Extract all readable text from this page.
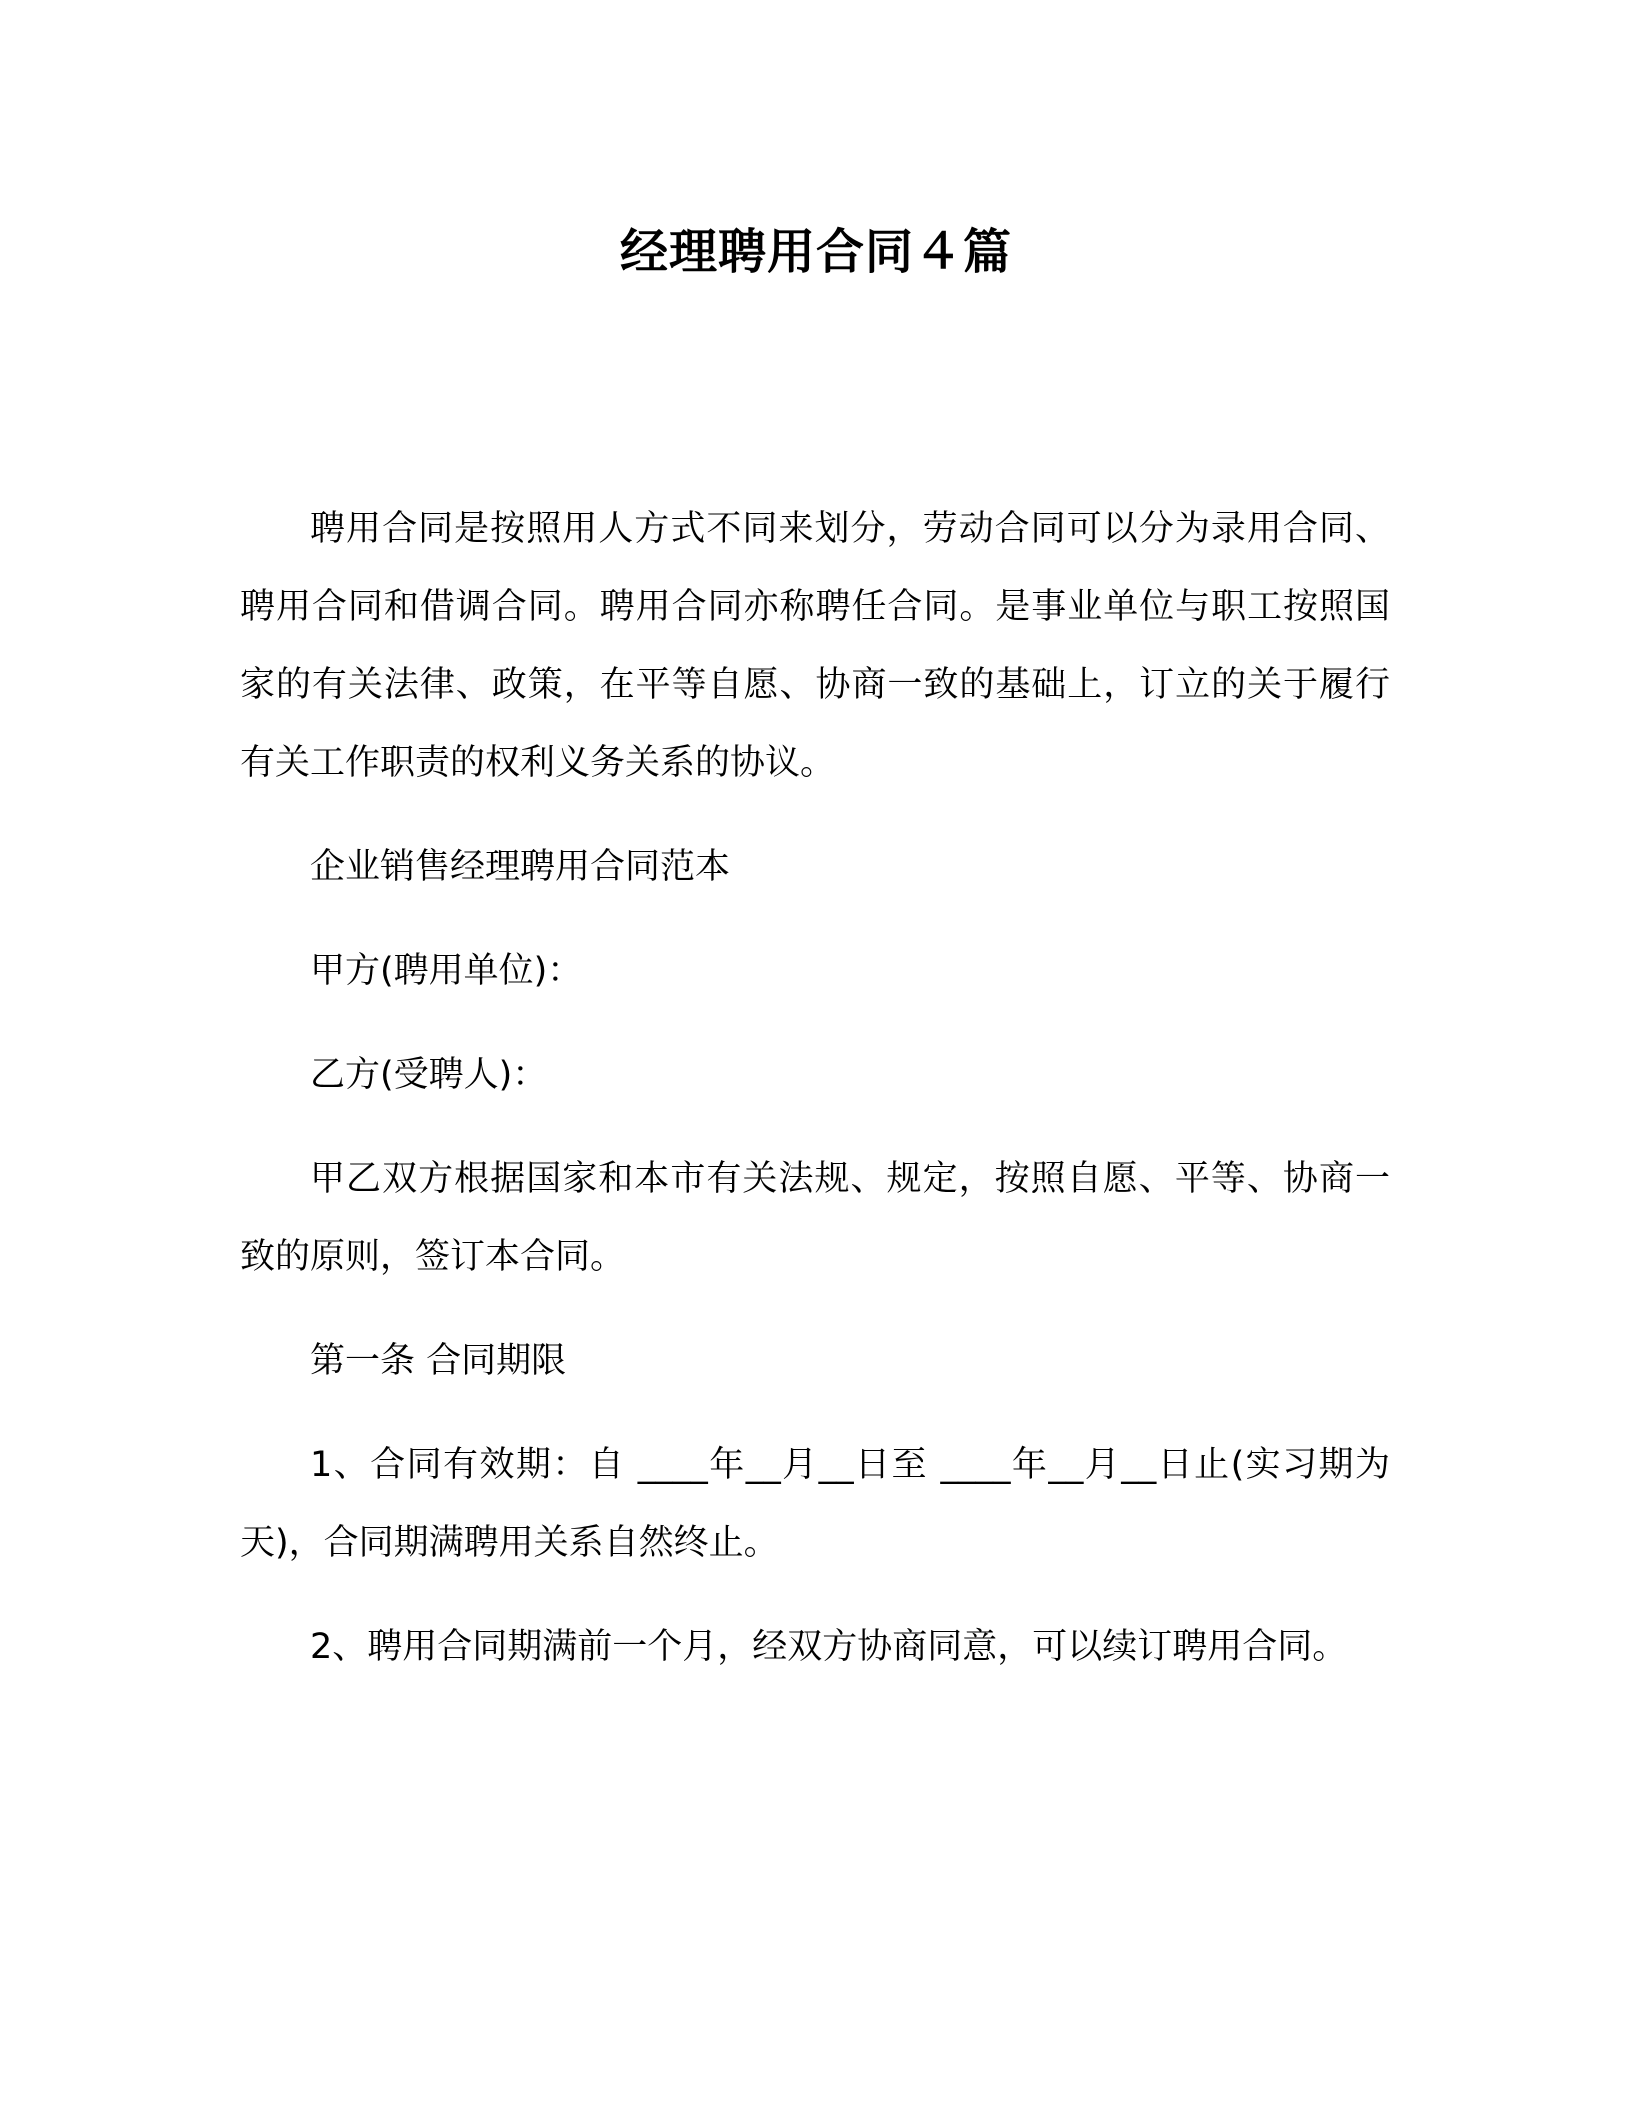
经理聘用合同４篇

聘用合同是按照用人方式不同来划分，劳动合同可以分为录用合同、聘用合同和借调合同。聘用合同亦称聘任合同。是事业单位与职工按照国家的有关法律、政策，在平等自愿、协商一致的基础上，订立的关于履行有关工作职责的权利义务关系的协议。

企业销售经理聘用合同范本

甲方(聘用单位)：

乙方(受聘人)：

甲乙双方根据国家和本市有关法规、规定，按照自愿、平等、协商一致的原则，签订本合同。

第一条 合同期限

1、合同有效期：自 ____年__月__日至 ____年__月__日止(实习期为 天)，合同期满聘用关系自然终止。

2、聘用合同期满前一个月，经双方协商同意，可以续订聘用合同。
